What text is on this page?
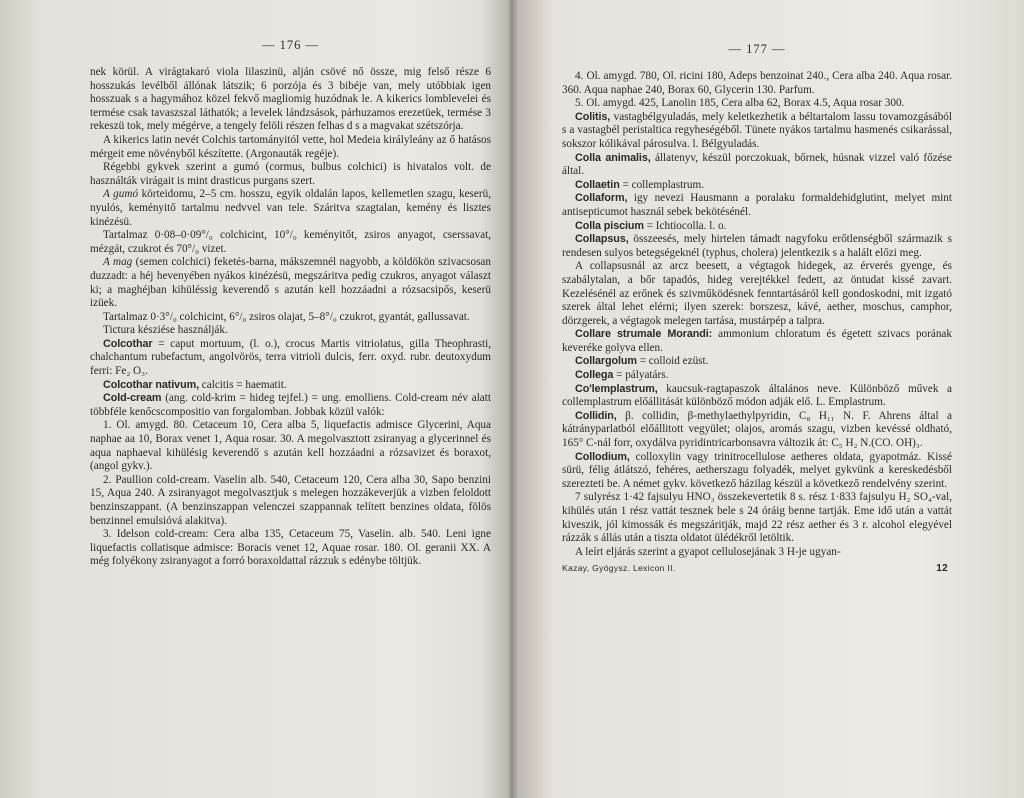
— 176 —

nek körül. A virágtakaró viola lilaszinü, alján csövé nő össze, mig felső része 6 hosszukás levélből állónak látszik; 6 porzója és 3 bibéje van, mely utóbbiak igen hosszuak s a hagymához közel fekvő magliomig huzódnak le. A kikerics lomblevelei és termése csak tavaszszal láthatók; a levelek lándzsások, párhuzamos erezetüek, termése 3 rekeszü tok, mely mégérve, a tengely felöli részen felhas d s a magvakat szétszórja.

A kikerics latin nevét Colchis tartományitól vette, hol Medeia királyleány az ő hatásos mérgeit eme növényből készítette. (Argonauták regéje).

Régebbi gykvek szerint a gumó (cormus, bulbus colchici) is hivatalos volt. de használták virágait is mint drasticus purgans szert.

A gumó körteidomu, 2–5 cm. hosszu, egyik oldalán lapos, kellemetlen szagu, keserü, nyulós, keményitő tartalmu nedvvel van tele. Száritva szagtalan, kemény és lisztes kinézésü.

Tartalmaz 0·08–0·09°/₀ colchicint, 10°/₀ keményitőt, zsiros anyagot, cserssavat, mézgát, czukrot és 70°/₀ vizet.

A mag (semen colchici) feketés-barna, mákszemnél nagyobb, a köldökön szivacsosan duzzadt: a héj hevenyében nyákos kinézésü, megszáritva pedig czukros, anyagot választ ki; a maghéjban kihüléssig keverendő s azután kell hozzáadni a rózsacsipős, keserü izüek.

Tartalmaz 0·3°/₀ colchicint, 6°/₀ zsiros olajat, 5–8°/₀ czukrot, gyantát, gallussavat.

Tictura késziése használják.

Colcothar = caput mortuum, (l. o.), crocus Martis vitriolatus, gilla Theophrasti, chalchantum rubefactum, angolvörös, terra vitrioli dulcis, ferr. oxyd. rubr. deutoxydum ferri: Fe₂ O₃.

Colcothar nativum, calcitis = haematit.

Cold-cream (ang. cold-krim = hideg tejfel.) = ung. emolliens. Cold-cream név alatt többféle kenőcscompositio van forgalomban. Jobbak közül valók:

1. Ol. amygd. 80. Cetaceum 10, Cera alba 5, liquefactis admisce Glycerini, Aqua naphae aa 10, Borax venet 1, Aqua rosar. 30. A megolvasztott zsiranyag a glycerinnel és aqua naphaeval kihülésig keverendő s azután kell hozzáadni a rózsavizet és boraxot, (angol gykv.).

2. Paullion cold-cream. Vaselin alb. 540, Cetaceum 120, Cera alba 30, Sapo benzini 15, Aqua 240. A zsiranyagot megolvasztjuk s melegen hozzákeverjük a vizben feloldott benzinszappant. (A benzinszappan velenczei szappannak telített benzines oldata, fölös benzinnel emulsióvá alakitva).

3. Idelson cold-cream: Cera alba 135, Cetaceum 75, Vaselin. alb. 540. Leni igne liquefactis collatisque admisce: Boracis venet 12, Aquae rosar. 180. Ol. geranii XX. A még folyékony zsiranyagot a forró boraxoldattal rázzuk s edénybe töltjük.

— 177 —

4. Ol. amygd. 780, Ol. ricini 180, Adeps benzoinat 240., Cera alba 240. Aqua rosar. 360. Aqua naphae 240, Borax 60, Glycerin 130. Parfum.

5. Ol. amygd. 425, Lanolin 185, Cera alba 62, Borax 4.5, Aqua rosar 300.

Colitis, vastagbélgyuladás, mely keletkezhetik a béltartalom lassu tovamozgásából s a vastagbél peristaltica regyheségéből. Tünete nyákos tartalmu hasmenés csikarással, sokszor kólikával párosulva. l. Bélgyuladás.

Colla animalis, állatenyv, készül porczokuak, bőrnek, húsnak vizzel való főzése által.

Collaetin = collemplastrum.

Collaform, igy nevezi Hausmann a poralaku formaldehidglutint, melyet mint antisepticumot használ sebek bekötésénél.

Colla piscium = Ichtiocolla. l. o.

Collapsus, összeesés, mely hirtelen támadt nagyfoku erőtlenségből származik s rendesen sulyos betegségeknél (typhus, cholera) jelentkezik s a halált előzi meg.

A collapsusnál az arcz beesett, a végtagok hidegek, az érverés gyenge, és szabálytalan, a bőr tapadós, hideg verejtékkel fedett, az öntudat kissé zavart. Kezelésénél az erőnek és szivműködésnek fenntartásáról kell gondoskodni, mit izgató szerek által lehet elérni; ilyen szerek: borszesz, kávé, aether, moschus, camphor, dörzgerek, a végtagok melegen tartása, mustárpép a talpra.

Collare strumale Morandi: ammonium chloratum és égetett szivacs porának keveréke golyva ellen.

Collargolum = colloid ezüst.

Collega = pályatárs.

Co'lemplastrum, kaucsuk-ragtapaszok általános neve. Különböző művek a collemplastrum előállitását különböző módon adják elő. L. Emplastrum.

Collidin, β. collidin, β-methylaethylpyridin, C₈ H₁₁ N. F. Ahrens által a kátrányparlatból előállitott vegyület; olajos, aromás szagu, vizben kevéssé oldható, 165° C-nál forr, oxydálva pyridintricarbonsavra változik át: C₅ H₂ N.(CO. OH)₃.

Collodium, colloxylin vagy trinitrocellulose aetheres oldata, gyapotmáz. Kissé sürü, félig átlátszó, fehéres, aetherszagu folyadék, melyet gykvünk a kereskedésből szerezteti be. A német gykv. következő házilag készül a következő rendelvény szerint.

7 sulyrész 1·42 fajsulyu HNO₃ összekevertetik 8 s. rész 1·833 fajsulyu H₂ SO₄-val, kihülés után 1 rész vattát tesznek bele s 24 óráig benne tartják. Eme idő után a vattát kiveszik, jól kimossák és megszáritják, majd 22 rész aether és 3 r. alcohol elegyével rázzák s állás után a tiszta oldatot ülédékről letöltik.

A leírt eljárás szerint a gyapot cellulosejának 3 H-je ugyan-

Kazay, Gyógysz. Lexicon II.	12
